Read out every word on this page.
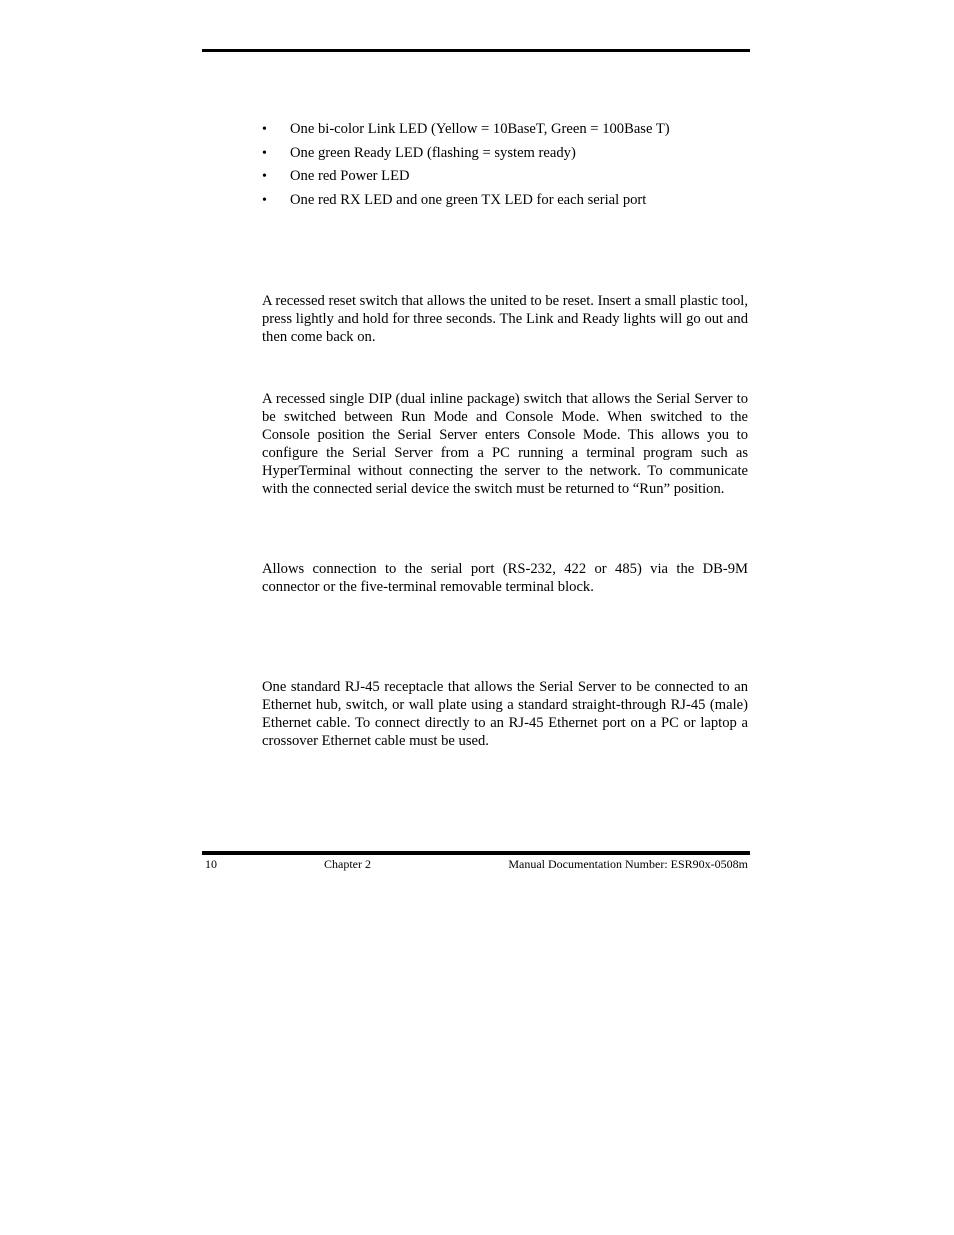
•	One bi-color Link LED (Yellow = 10BaseT, Green = 100Base T)
•	One green Ready LED (flashing = system ready)
•	One red Power LED
•	One red RX LED and one green TX LED for each serial port

A recessed reset switch that allows the united to be reset. Insert a small plastic tool, press lightly and hold for three seconds. The Link and Ready lights will go out and then come back on.

A recessed single DIP (dual inline package) switch that allows the Serial Server to be switched between Run Mode and Console Mode. When switched to the Console position the Serial Server enters Console Mode. This allows you to configure the Serial Server from a PC running a terminal program such as HyperTerminal without connecting the server to the network. To communicate with the connected serial device the switch must be returned to “Run” position.

Allows connection to the serial port (RS-232, 422 or 485) via the DB-9M connector or the five-terminal removable terminal block.

One standard RJ-45 receptacle that allows the Serial Server to be connected to an Ethernet hub, switch, or wall plate using a standard straight-through RJ-45 (male) Ethernet cable. To connect directly to an RJ-45 Ethernet port on a PC or laptop a crossover Ethernet cable must be used.

10	Chapter 2	Manual Documentation Number: ESR90x-0508m
